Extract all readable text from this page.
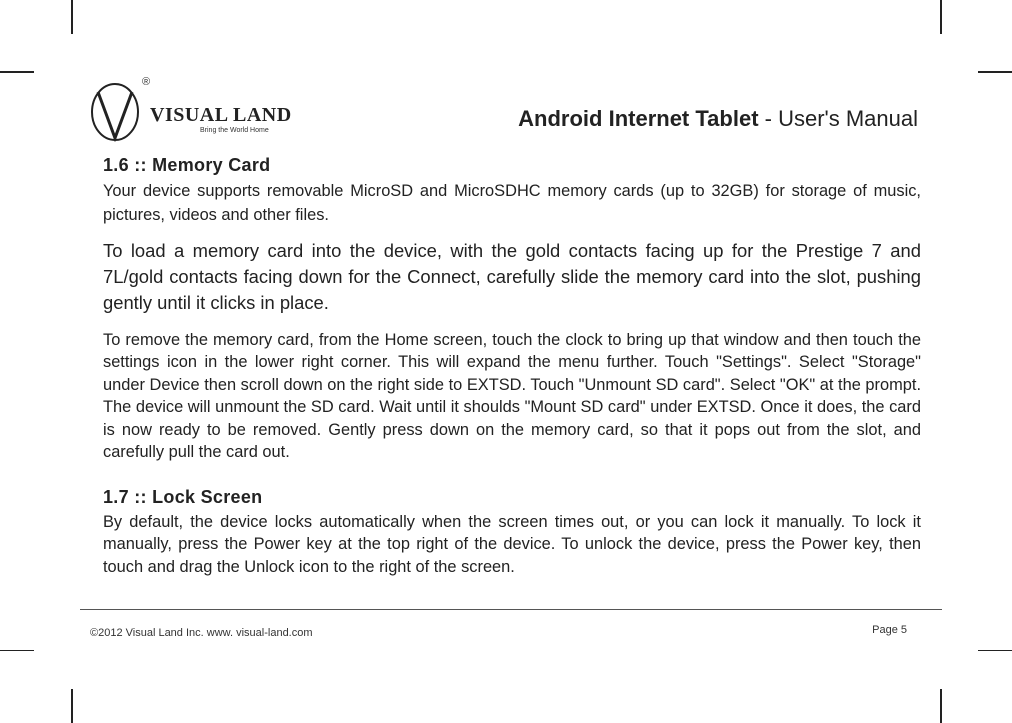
®
VISUAL LAND
Bring the World Home	Android Internet Tablet - User's Manual
1.6 :: Memory Card

Your device supports removable MicroSD and MicroSDHC memory cards (up to 32GB) for storage of music, pictures, videos and other files.

To load a memory card into the device, with the gold contacts facing up for the Prestige 7 and 7L/gold contacts facing down for the Connect, carefully slide the memory card into the slot, pushing gently until it clicks in place.

To remove the memory card, from the Home screen, touch the clock to bring up that window and then touch the settings icon in the lower right corner. This will expand the menu further. Touch "Settings". Select "Storage" under Device then scroll down on the right side to EXTSD. Touch "Unmount SD card". Select "OK" at the prompt. The device will unmount the SD card. Wait until it shoulds "Mount SD card" under EXTSD. Once it does, the card is now ready to be removed. Gently press down on the memory card, so that it pops out from the slot, and carefully pull the card out.

1.7 :: Lock Screen

By default, the device locks automatically when the screen times out, or you can lock it manually. To lock it manually, press the Power key at the top right of the device. To unlock the device, press the Power key, then touch and drag the Unlock icon to the right of the screen.

©2012 Visual Land Inc. www. visual-land.com	Page 5
